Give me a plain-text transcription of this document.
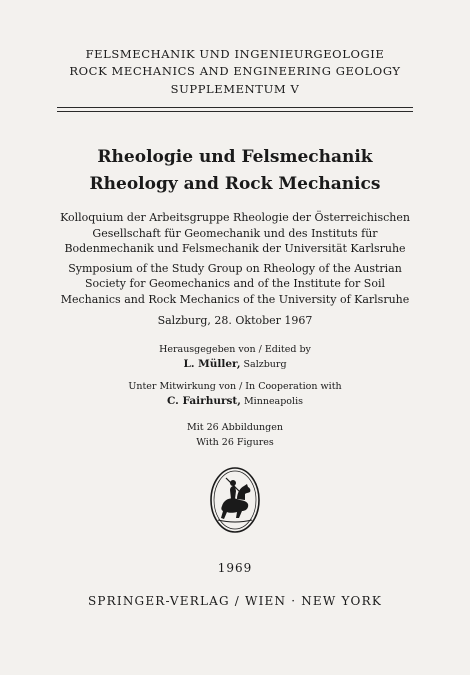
FELSMECHANIK UND INGENIEURGEOLOGIE
ROCK MECHANICS AND ENGINEERING GEOLOGY
SUPPLEMENTUM V
Rheologie und Felsmechanik
Rheology and Rock Mechanics
Kolloquium der Arbeitsgruppe Rheologie der Österreichischen
Gesellschaft für Geomechanik und des Instituts für
Bodenmechanik und Felsmechanik der Universität Karlsruhe
Symposium of the Study Group on Rheology of the Austrian
Society for Geomechanics and of the Institute for Soil
Mechanics and Rock Mechanics of the University of Karlsruhe
Salzburg, 28. Oktober 1967
Herausgegeben von / Edited by
L. Müller, Salzburg
Unter Mitwirkung von / In Cooperation with
C. Fairhurst, Minneapolis
Mit 26 Abbildungen
With 26 Figures
1969
SPRINGER-VERLAG / WIEN · NEW YORK
